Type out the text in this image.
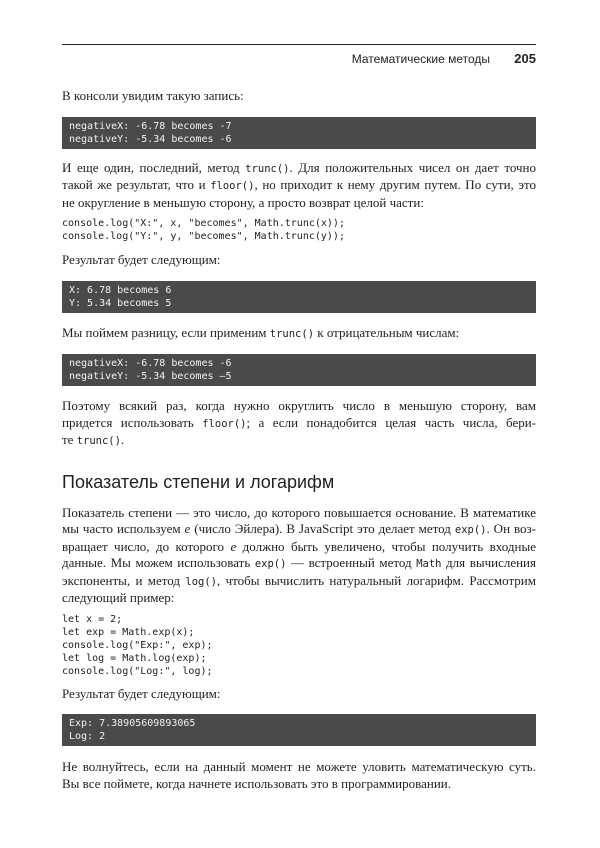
Математические методы 205

В консоли увидим такую запись:

negativeX: -6.78 becomes -7
negativeY: -5.34 becomes -6

И еще один, последний, метод trunc(). Для положительных чисел он дает точно

такой же результат, что и floor(), но приходит к нему другим путем. По сути, это

не округление в меньшую сторону, а просто возврат целой части:

console.log("X:", x, "becomes", Math.trunc(x));
console.log("Y:", y, "becomes", Math.trunc(y));

Результат будет следующим:

X: 6.78 becomes 6
Y: 5.34 becomes 5

Мы поймем разницу, если применим trunc() к отрицательным числам:

negativeX: -6.78 becomes -6
negativeY: -5.34 becomes –5

Поэтому всякий раз, когда нужно округлить число в меньшую сторону, вам

придется использовать floor(); а если понадобится целая часть числа, бери-

те trunc().

Показатель степени и логарифм

Показатель степени — это число, до которого повышается основание. В математике

мы часто используем e (число Эйлера). В JavaScript это делает метод exp(). Он воз-

вращает число, до которого e должно быть увеличено, чтобы получить входные

данные. Мы можем использовать exp() — встроенный метод Math для вычисления

экспоненты, и метод log(), чтобы вычислить натуральный логарифм. Рассмотрим

следующий пример:

let x = 2;
let exp = Math.exp(x);
console.log("Exp:", exp);
let log = Math.log(exp);
console.log("Log:", log);

Результат будет следующим:

Exp: 7.38905609893065
Log: 2

Не волнуйтесь, если на данный момент не можете уловить математическую суть.

Вы все поймете, когда начнете использовать это в программировании.
